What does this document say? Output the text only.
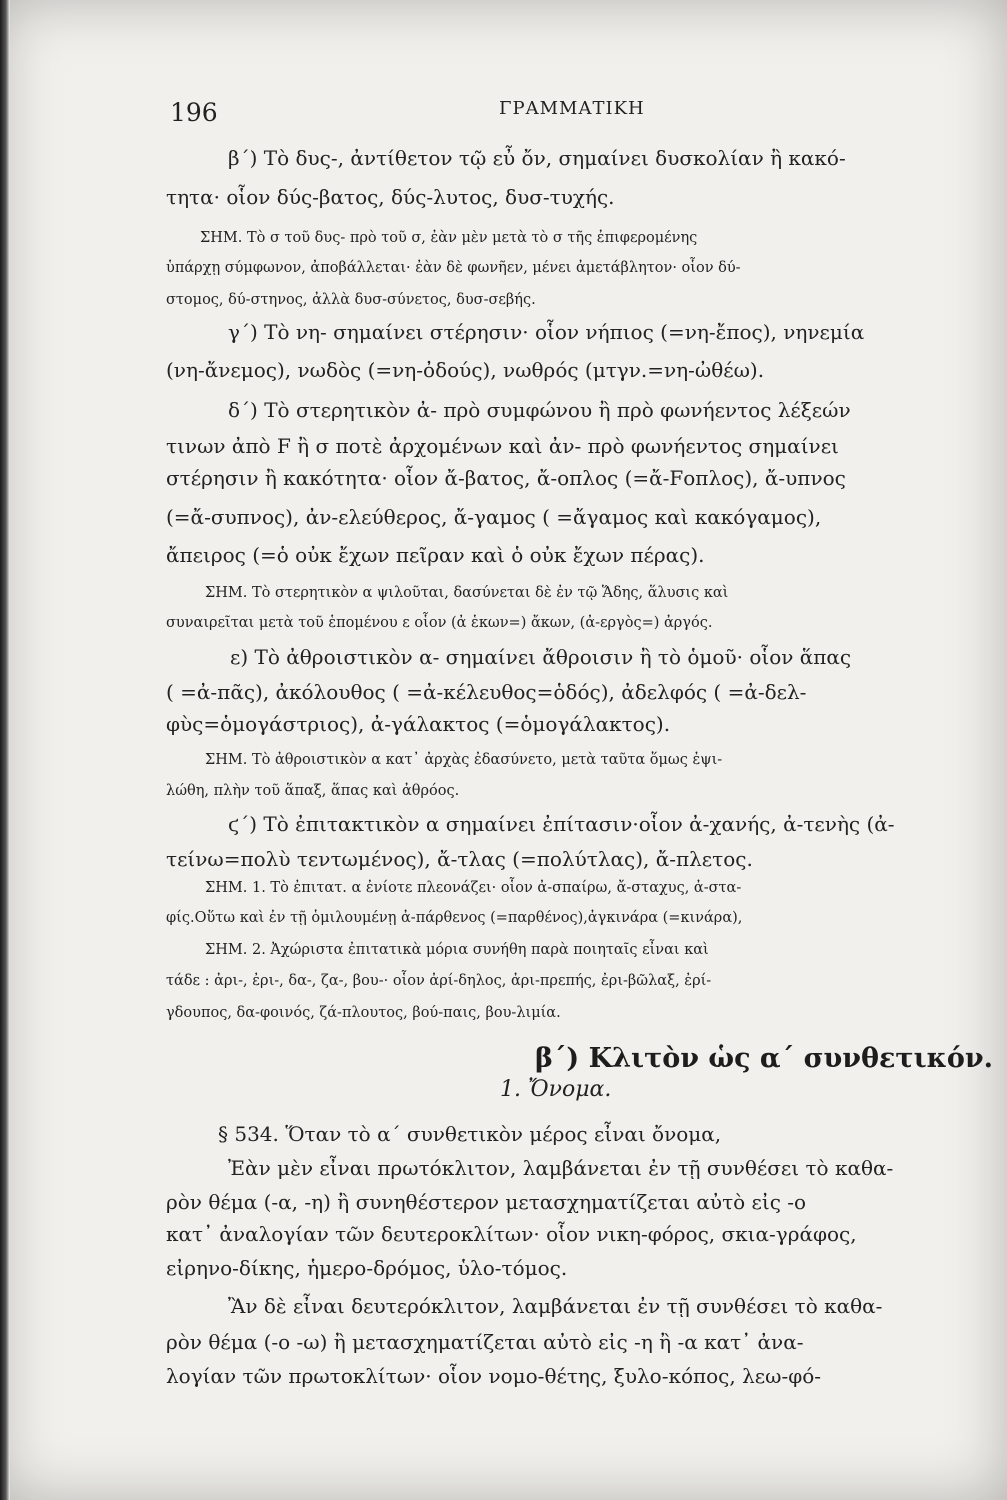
196	ΓΡΑΜΜΑΤΙΚΗ
β´) Τὸ δυς-, ἀντίθετον τῷ εὖ ὄν, σημαίνει δυσκολίαν ἢ κακό-
τητα· οἷον δύς-βατος, δύς-λυτος, δυσ-τυχής.
ΣΗΜ. Τὸ σ τοῦ δυς- πρὸ τοῦ σ, ἐὰν μὲν μετὰ τὸ σ τῆς ἐπιφερομένης
ὑπάρχῃ σύμφωνον, ἀποβάλλεται· ἐὰν δὲ φωνῆεν, μένει ἀμετάβλητον· οἷον δύ-
στομος, δύ-στηνος, ἀλλὰ δυσ-σύνετος, δυσ-σεβής.
γ´) Τὸ νη- σημαίνει στέρησιν· οἷον νήπιος (=νη-ἔπος), νηνεμία
(νη-ἄνεμος), νωδὸς (=νη-ὀδούς), νωθρός (μτγν.=νη-ὠθέω).
δ´) Τὸ στερητικὸν ἀ- πρὸ συμφώνου ἢ πρὸ φωνήεντος λέξεών
τινων ἀπὸ F ἢ σ ποτὲ ἀρχομένων καὶ ἀν- πρὸ φωνήεντος σημαίνει
στέρησιν ἢ κακότητα· οἷον ἄ-βατος, ἄ-οπλος (=ἄ-Fοπλος), ἄ-υπνος
(=ἄ-συπνος), ἀν-ελεύθερος, ἄ-γαμος ( =ἄγαμος καὶ κακόγαμος),
ἄπειρος (=ὁ οὐκ ἔχων πεῖραν καὶ ὁ οὐκ ἔχων πέρας).
ΣΗΜ. Τὸ στερητικὸν α ψιλοῦται, δασύνεται δὲ ἐν τῷ Ἅδης, ἅλυσις καὶ
συναιρεῖται μετὰ τοῦ ἑπομένου ε οἷον (ἀ ἑκων=) ἄκων, (ἀ-εργὸς=) ἀργός.
ε) Τὸ ἀθροιστικὸν α- σημαίνει ἄθροισιν ἢ τὸ ὁμοῦ· οἷον ἅπας
( =ἀ-πᾶς), ἀκόλουθος ( =ἀ-κέλευθος=ὁδός), ἀδελφός ( =ἀ-δελ-
φὺς=ὁμογάστριος), ἀ-γάλακτος (=ὁμογάλακτος).
ΣΗΜ. Τὸ ἀθροιστικὸν α κατ᾽ ἀρχὰς ἐδασύνετο, μετὰ ταῦτα ὅμως ἐψι-
λώθη, πλὴν τοῦ ἅπαξ, ἅπας καὶ ἀθρόος.
ϛ´) Τὸ ἐπιτακτικὸν α σημαίνει ἐπίτασιν·οἷον ἀ-χανής, ἀ-τενὴς (ἀ-
τείνω=πολὺ τεντωμένος), ἄ-τλας (=πολύτλας), ἄ-πλετος.
ΣΗΜ. 1. Τὸ ἐπιτατ. α ἐνίοτε πλεονάζει· οἷον ἀ-σπαίρω, ἄ-σταχυς, ἀ-στα-
φίς.Οὕτω καὶ ἐν τῇ ὁμιλουμένῃ ἀ-πάρθενος (=παρθένος),ἀγκινάρα (=κινάρα),
ΣΗΜ. 2. Ἀχώριστα ἐπιτατικὰ μόρια συνήθη παρὰ ποιηταῖς εἶναι καὶ
τάδε : ἀρι-, ἐρι-, δα-, ζα-, βου-· οἷον ἀρί-δηλος, ἀρι-πρεπής, ἐρι-βῶλαξ, ἐρί-
γδουπος, δα-φοινός, ζά-πλουτος, βού-παις, βου-λιμία.
β´) Κλιτὸν ὡς α´ συνθετικόν.
1. Ὄνομα.
§ 534. Ὅταν τὸ α´ συνθετικὸν μέρος εἶναι ὄνομα,
Ἐὰν μὲν εἶναι πρωτόκλιτον, λαμβάνεται ἐν τῇ συνθέσει τὸ καθα-
ρὸν θέμα (-α, -η) ἢ συνηθέστερον μετασχηματίζεται αὐτὸ εἰς -ο
κατ᾽ ἀναλογίαν τῶν δευτεροκλίτων· οἷον νικη-φόρος, σκια-γράφος,
εἰρηνο-δίκης, ἡμερο-δρόμος, ὑλο-τόμος.
Ἂν δὲ εἶναι δευτερόκλιτον, λαμβάνεται ἐν τῇ συνθέσει τὸ καθα-
ρὸν θέμα (-ο -ω) ἢ μετασχηματίζεται αὐτὸ εἰς -η ἢ -α κατ᾽ ἀνα-
λογίαν τῶν πρωτοκλίτων· οἷον νομο-θέτης, ξυλο-κόπος, λεω-φό-
